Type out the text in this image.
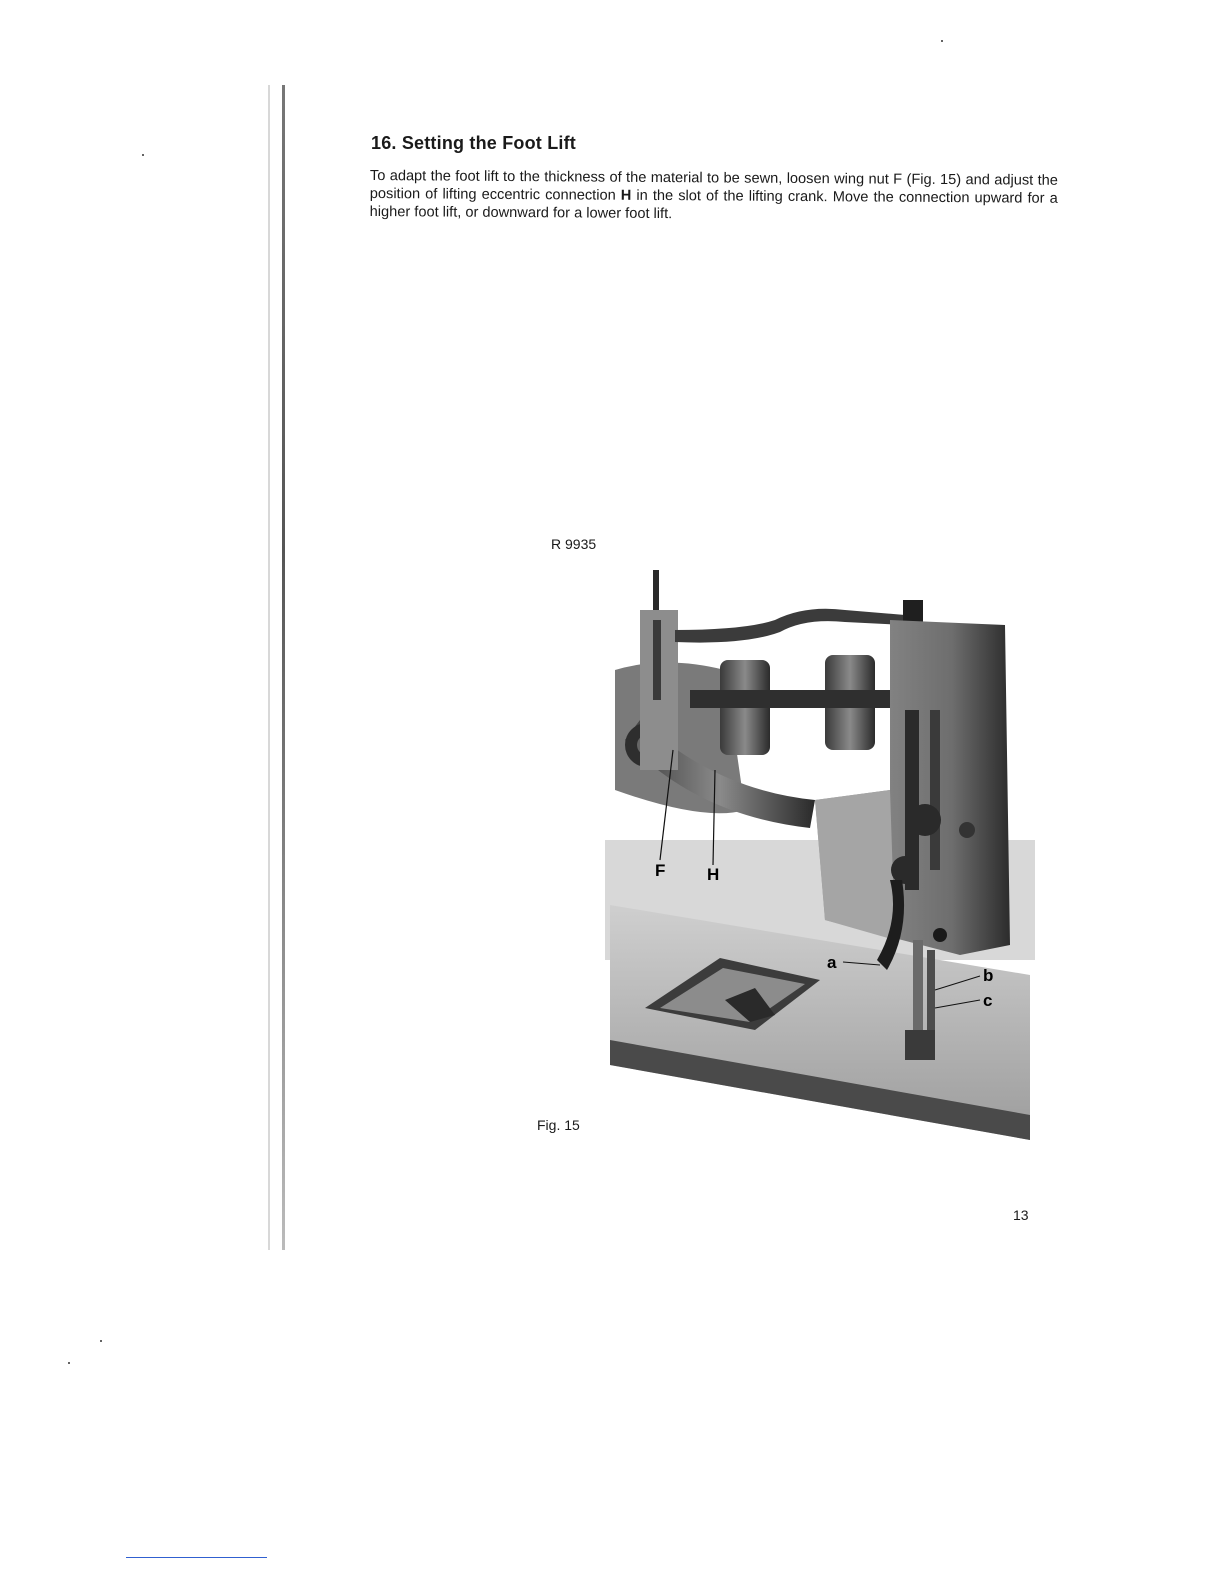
16. Setting the Foot Lift
To adapt the foot lift to the thickness of the material to be sewn, loosen wing nut F (Fig. 15) and adjust the position of lifting eccentric connection H in the slot of the lifting crank. Move the connection upward for a higher foot lift, or downward for a lower foot lift.
R 9935
F H
a
b
c
Fig. 15
13
